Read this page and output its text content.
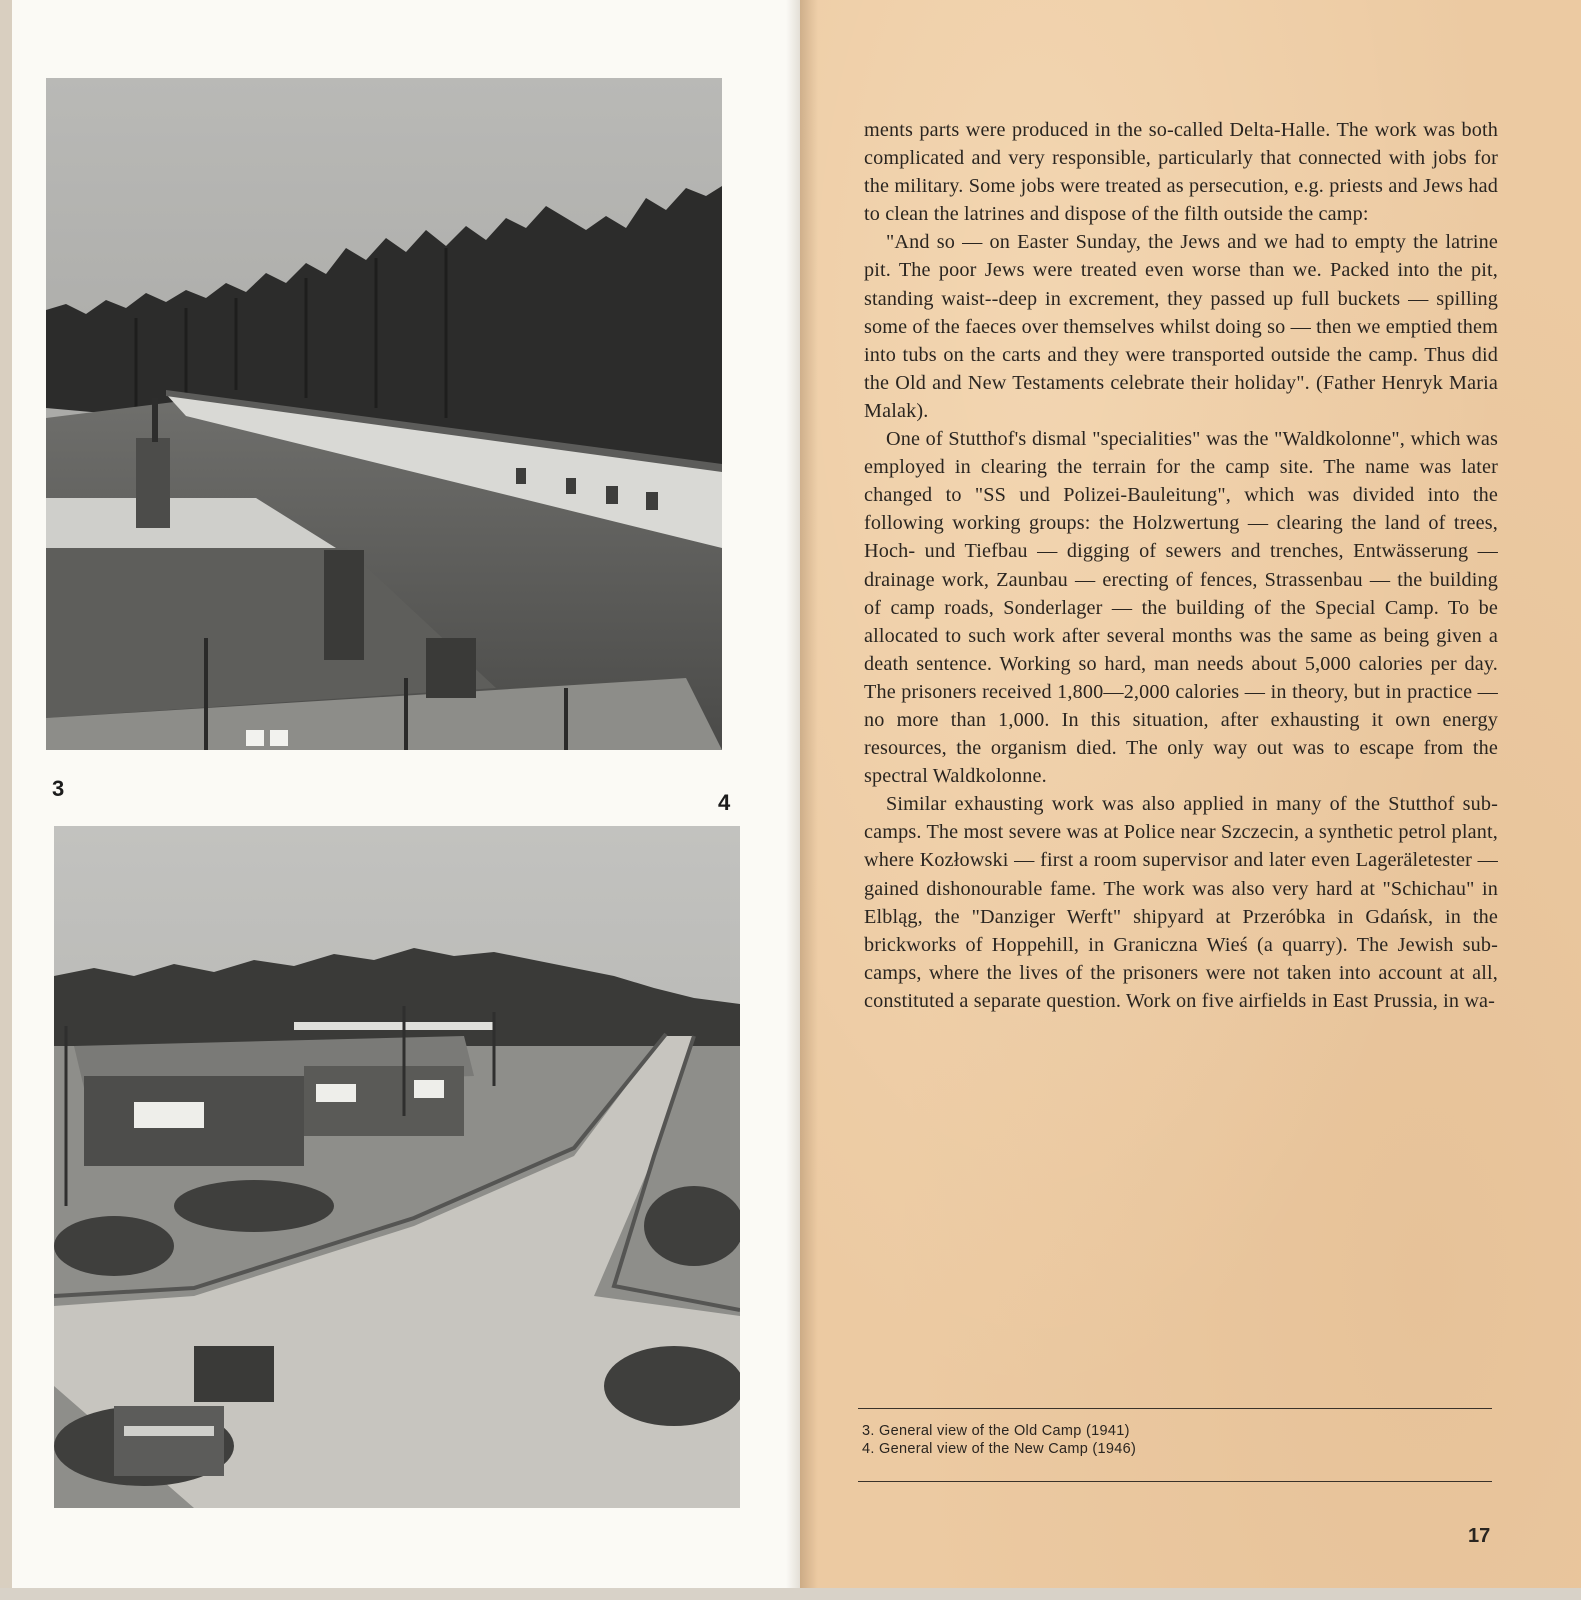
3
4

ments parts were produced in the so-called Delta-Halle. The work was both complicated and very responsible, particularly that connected with jobs for the military. Some jobs were treated as persecution, e.g. priests and Jews had to clean the latrines and dispose of the filth outside the camp:

"And so — on Easter Sunday, the Jews and we had to empty the latrine pit. The poor Jews were treated even worse than we. Packed into the pit, standing waist--deep in excrement, they passed up full buckets — spilling some of the faeces over themselves whilst doing so — then we emptied them into tubs on the carts and they were transported outside the camp. Thus did the Old and New Testaments celebrate their holiday". (Father Henryk Maria Malak).

One of Stutthof's dismal "specialities" was the "Waldkolonne", which was employed in clearing the terrain for the camp site. The name was later changed to "SS und Polizei-Bauleitung", which was divided into the following working groups: the Holzwertung — clearing the land of trees, Hoch- und Tiefbau — digging of sewers and trenches, Entwässerung — drainage work, Zaunbau — erecting of fences, Strassenbau — the building of camp roads, Sonderlager — the building of the Special Camp. To be allocated to such work after several months was the same as being given a death sentence. Working so hard, man needs about 5,000 calories per day. The prisoners received 1,800—2,000 calories — in theory, but in practice — no more than 1,000. In this situation, after exhausting it own energy resources, the organism died. The only way out was to escape from the spectral Waldkolonne.

Similar exhausting work was also applied in many of the Stutthof sub-camps. The most severe was at Police near Szczecin, a synthetic petrol plant, where Kozłowski — first a room supervisor and later even Lageräletester — gained dishonourable fame. The work was also very hard at "Schichau" in Elbląg, the "Danziger Werft" shipyard at Przeróbka in Gdańsk, in the brickworks of Hoppehill, in Graniczna Wieś (a quarry). The Jewish sub-camps, where the lives of the prisoners were not taken into account at all, constituted a separate question. Work on five airfields in East Prussia, in wa-

3. General view of the Old Camp (1941)
4. General view of the New Camp (1946)
17
